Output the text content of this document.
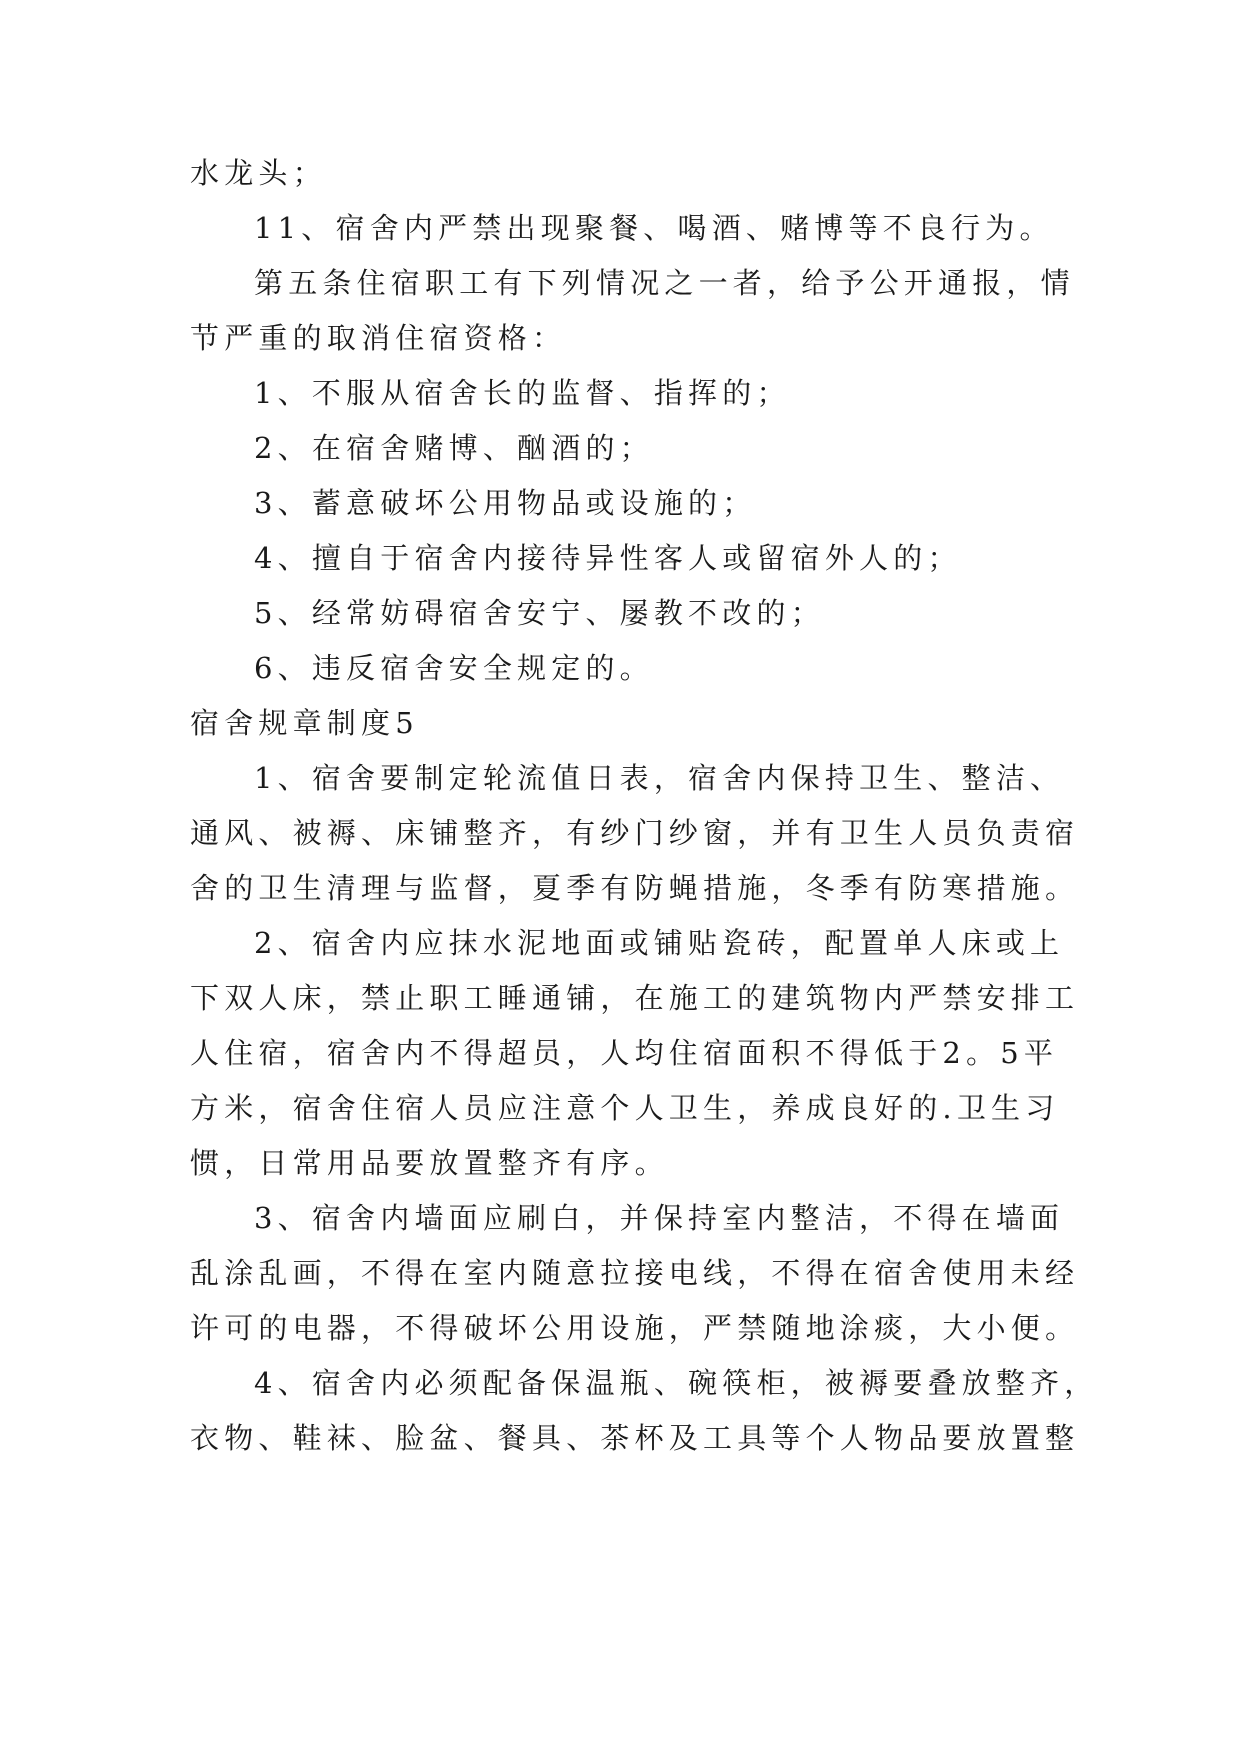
水龙头；
11、宿舍内严禁出现聚餐、喝酒、赌博等不良行为。
第五条住宿职工有下列情况之一者，给予公开通报，情
节严重的取消住宿资格：
1、不服从宿舍长的监督、指挥的；
2、在宿舍赌博、酗酒的；
3、蓄意破坏公用物品或设施的；
4、擅自于宿舍内接待异性客人或留宿外人的；
5、经常妨碍宿舍安宁、屡教不改的；
6、违反宿舍安全规定的。
宿舍规章制度5
1、宿舍要制定轮流值日表，宿舍内保持卫生、整洁、
通风、被褥、床铺整齐，有纱门纱窗，并有卫生人员负责宿
舍的卫生清理与监督，夏季有防蝇措施，冬季有防寒措施。
2、宿舍内应抹水泥地面或铺贴瓷砖，配置单人床或上
下双人床，禁止职工睡通铺，在施工的建筑物内严禁安排工
人住宿，宿舍内不得超员，人均住宿面积不得低于2。5平
方米，宿舍住宿人员应注意个人卫生，养成良好的.卫生习
惯，日常用品要放置整齐有序。
3、宿舍内墙面应刷白，并保持室内整洁，不得在墙面
乱涂乱画，不得在室内随意拉接电线，不得在宿舍使用未经
许可的电器，不得破坏公用设施，严禁随地涂痰，大小便。
4、宿舍内必须配备保温瓶、碗筷柜，被褥要叠放整齐，
衣物、鞋袜、脸盆、餐具、茶杯及工具等个人物品要放置整
